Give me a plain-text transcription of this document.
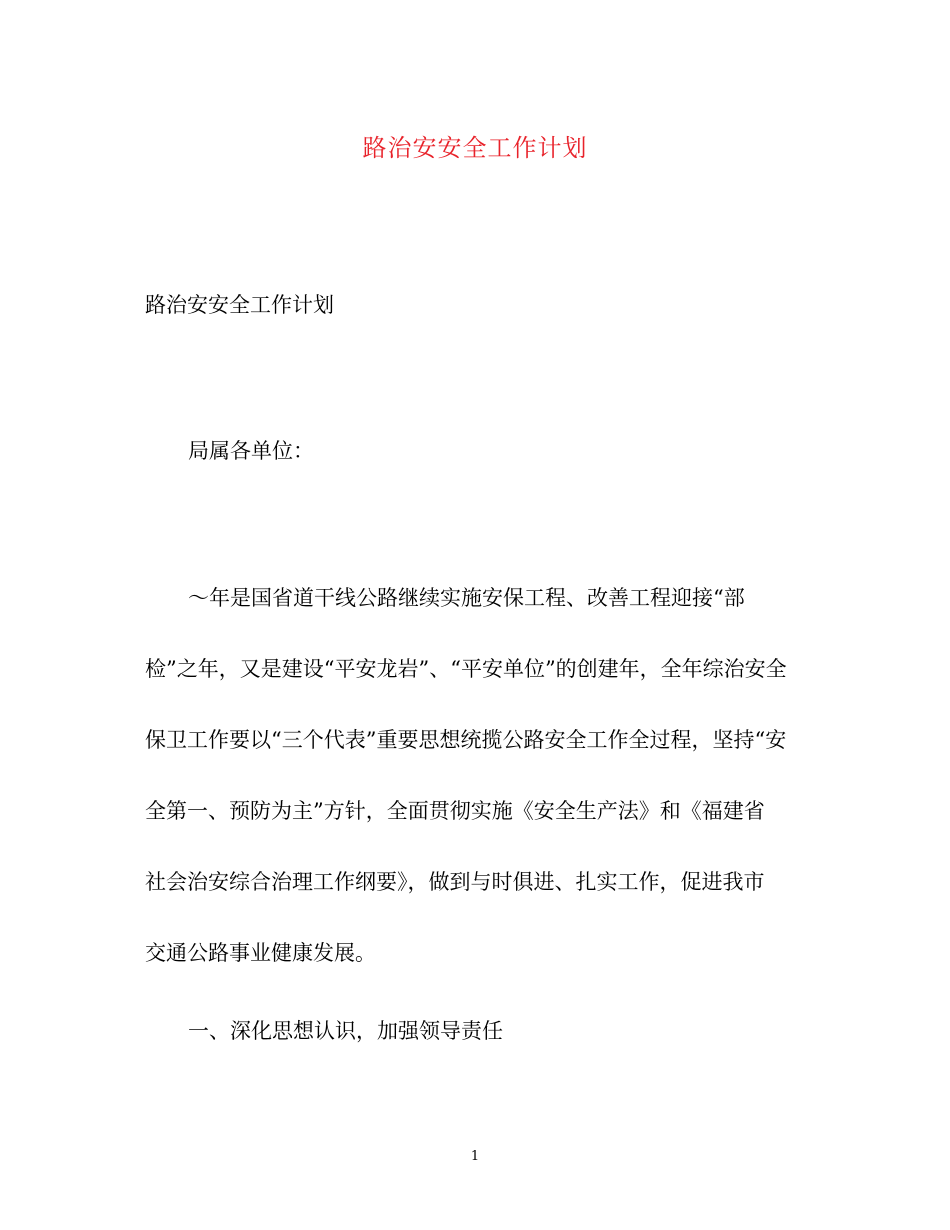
路治安安全工作计划
路治安安全工作计划
局属各单位：
～年是国省道干线公路继续实施安保工程、改善工程迎接“部
检”之年，又是建设“平安龙岩”、“平安单位”的创建年，全年综治安全
保卫工作要以“三个代表”重要思想统揽公路安全工作全过程，坚持“安
全第一、预防为主”方针，全面贯彻实施《安全生产法》和《福建省
社会治安综合治理工作纲要》，做到与时俱进、扎实工作，促进我市
交通公路事业健康发展。
一、深化思想认识，加强领导责任
1
